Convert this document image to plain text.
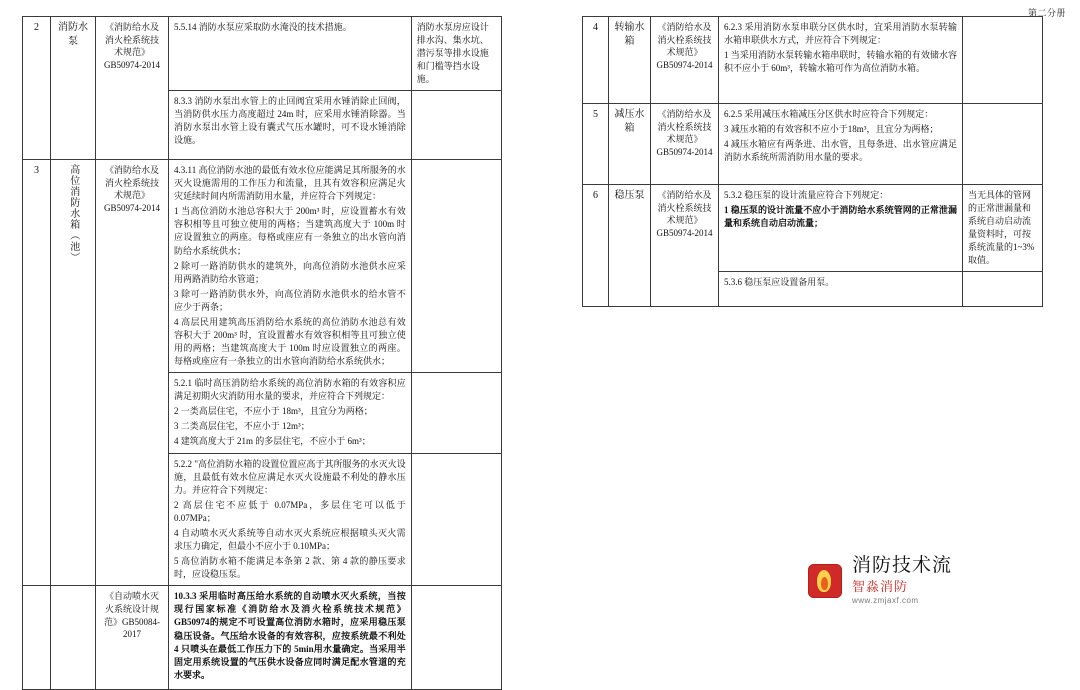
第二分册
2	消防水泵	《消防给水及消火栓系统技术规范》GB50974-2014	5.5.14 消防水泵应采取防水淹没的技术措施。	消防水泵房应设计排水沟、集水坑、潜污泵等排水设施和门槛等挡水设施。

			8.3.3 消防水泵出水管上的止回阀宜采用水锤消除止回阀，当消防供水压力高度超过 24m 时，应采用水锤消除器。当消防水泵出水管上设有囊式气压水罐时，可不设水锤消除设施。	

3	高位消防水箱（池）	《消防给水及消火栓系统技术规范》GB50974-2014	4.3.11 高位消防水池的最低有效水位应能满足其所服务的水灭火设施需用的工作压力和流量，且其有效容积应满足火灾延续时间内所需消防用水量，并应符合下列规定：

1 当高位消防水池总容积大于 200m³ 时，应设置蓄水有效容积相等且可独立使用的两格；当建筑高度大于 100m 时应设置独立的两座。每格或座应有一条独立的出水管向消防给水系统供水；

2 除可一路消防供水的建筑外，向高位消防水池供水应采用两路消防给水管道；

3 除可一路消防供水外，向高位消防水池供水的给水管不应少于两条；

4 高层民用建筑高压消防给水系统的高位消防水池总有效容积大于 200m³ 时，宜设置蓄水有效容积相等且可独立使用的两格；当建筑高度大于 100m 时应设置独立的两座。每格或座应有一条独立的出水管向消防给水系统供水；	

			5.2.1 临时高压消防给水系统的高位消防水箱的有效容积应满足初期火灾消防用水量的要求，并应符合下列规定：

2 一类高层住宅，不应小于 18m³，且宜分为两格；

3 二类高层住宅，不应小于 12m³；

4 建筑高度大于 21m 的多层住宅，不应小于 6m³；	

			5.2.2 "高位消防水箱的设置位置应高于其所服务的水灭火设施，且最低有效水位应满足水灭火设施最不利处的静水压力。并应符合下列规定：

2 高层住宅不应低于 0.07MPa，多层住宅可以低于 0.07MPa；

4 自动喷水灭火系统等自动水灭火系统应根据喷头灭火需求压力确定，但最小不应小于 0.10MPa；

5 高位消防水箱不能满足本条第 2 款、第 4 款的静压要求时，应设稳压泵。	

		《自动喷水灭火系统设计规范》GB50084-2017	10.3.3 采用临时高压给水系统的自动喷水灭火系统，当按现行国家标准《消防给水及消火栓系统技术规范》GB50974的规定不可设置高位消防水箱时，应采用稳压泵稳压设备。气压给水设备的有效容积，应按系统最不利处 4 只喷头在最低工作压力下的 5min用水量确定。当采用半固定用系统设置的气压供水设备应同时满足配水管道的充水要求。	

4	转输水箱	《消防给水及消火栓系统技术规范》GB50974-2014	6.2.3 采用消防水泵串联分区供水时，宜采用消防水泵转输水箱串联供水方式，并应符合下列规定：

1 当采用消防水泵转输水箱串联时，转输水箱的有效储水容积不应小于 60m³，转输水箱可作为高位消防水箱。	

5	减压水箱	《消防给水及消火栓系统技术规范》GB50974-2014	6.2.5 采用减压水箱减压分区供水时应符合下列规定：

3 减压水箱的有效容积不应小于18m³，且宜分为两格；

4 减压水箱应有两条进、出水管，且每条进、出水管应满足消防水系统所需消防用水量的要求。	

6	稳压泵	《消防给水及消火栓系统技术规范》GB50974-2014	5.3.2 稳压泵的设计流量应符合下列规定：

1 稳压泵的设计流量不应小于消防给水系统管网的正常泄漏量和系统自动启动流量；	当无具体的管网的正常泄漏量和系统自动启动流量资料时，可按系统流量的1~3% 取值。

			5.3.6 稳压泵应设置备用泵。	

消防技术流
智淼消防
www.zmjaxf.com
